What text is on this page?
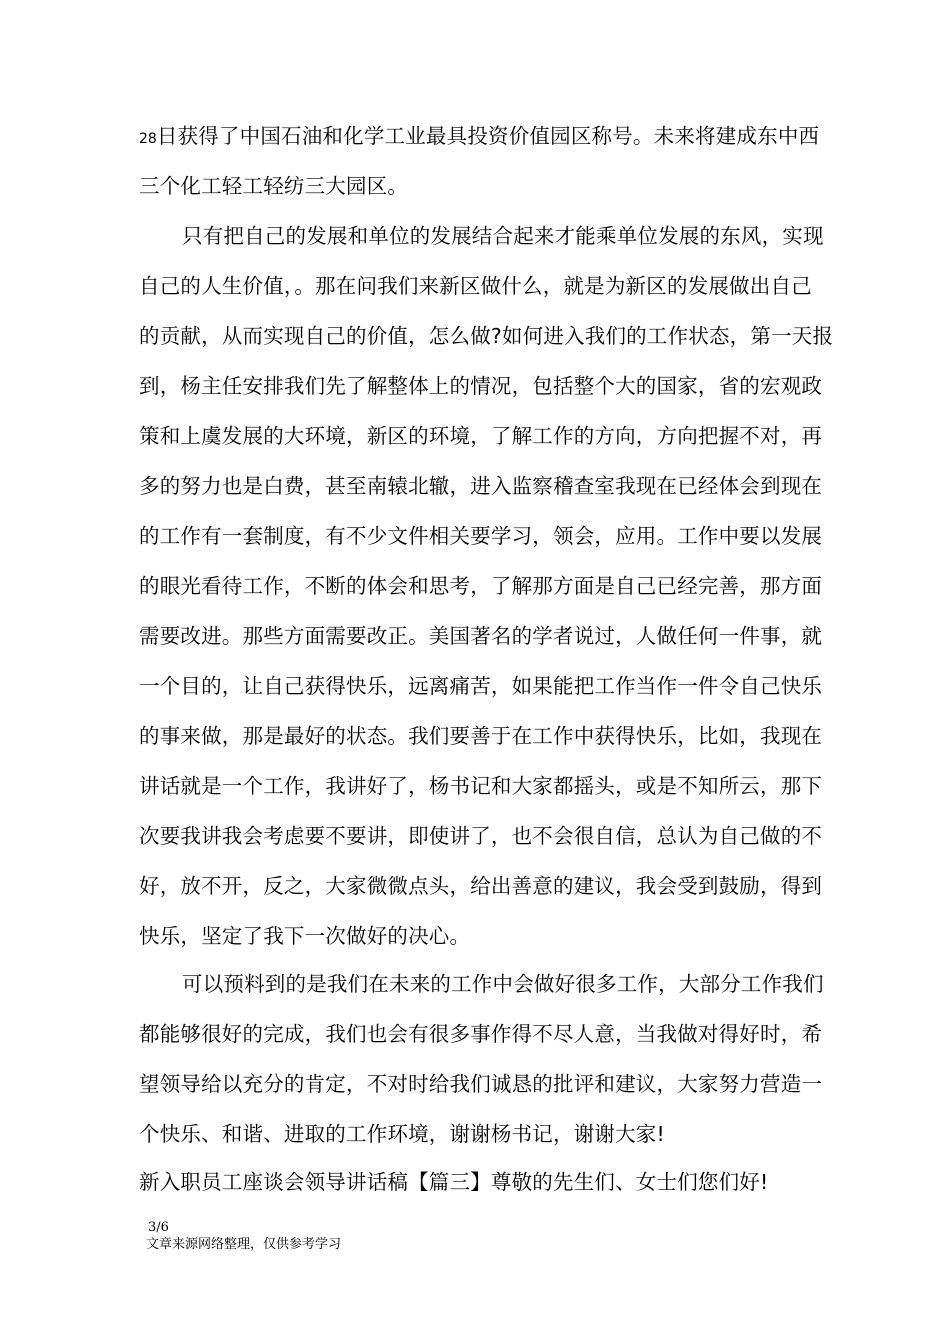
28日获得了中国石油和化学工业最具投资价值园区称号。未来将建成东中西
三个化工轻工轻纺三大园区。
只有把自己的发展和单位的发展结合起来才能乘单位发展的东风，实现
自己的人生价值，。那在问我们来新区做什么，就是为新区的发展做出自己
的贡献，从而实现自己的价值，怎么做?如何进入我们的工作状态，第一天报
到，杨主任安排我们先了解整体上的情况，包括整个大的国家，省的宏观政
策和上虞发展的大环境，新区的环境，了解工作的方向，方向把握不对，再
多的努力也是白费，甚至南辕北辙，进入监察稽查室我现在已经体会到现在
的工作有一套制度，有不少文件相关要学习，领会，应用。工作中要以发展
的眼光看待工作，不断的体会和思考，了解那方面是自己已经完善，那方面
需要改进。那些方面需要改正。美国著名的学者说过，人做任何一件事，就
一个目的，让自己获得快乐，远离痛苦，如果能把工作当作一件令自己快乐
的事来做，那是最好的状态。我们要善于在工作中获得快乐，比如，我现在
讲话就是一个工作，我讲好了，杨书记和大家都摇头，或是不知所云，那下
次要我讲我会考虑要不要讲，即使讲了，也不会很自信，总认为自己做的不
好，放不开，反之，大家微微点头，给出善意的建议，我会受到鼓励，得到
快乐，坚定了我下一次做好的决心。
可以预料到的是我们在未来的工作中会做好很多工作，大部分工作我们
都能够很好的完成，我们也会有很多事作得不尽人意，当我做对得好时，希
望领导给以充分的肯定，不对时给我们诚恳的批评和建议，大家努力营造一
个快乐、和谐、进取的工作环境，谢谢杨书记，谢谢大家!
新入职员工座谈会领导讲话稿【篇三】尊敬的先生们、女士们您们好!
3/6
文章来源网络整理，仅供参考学习
